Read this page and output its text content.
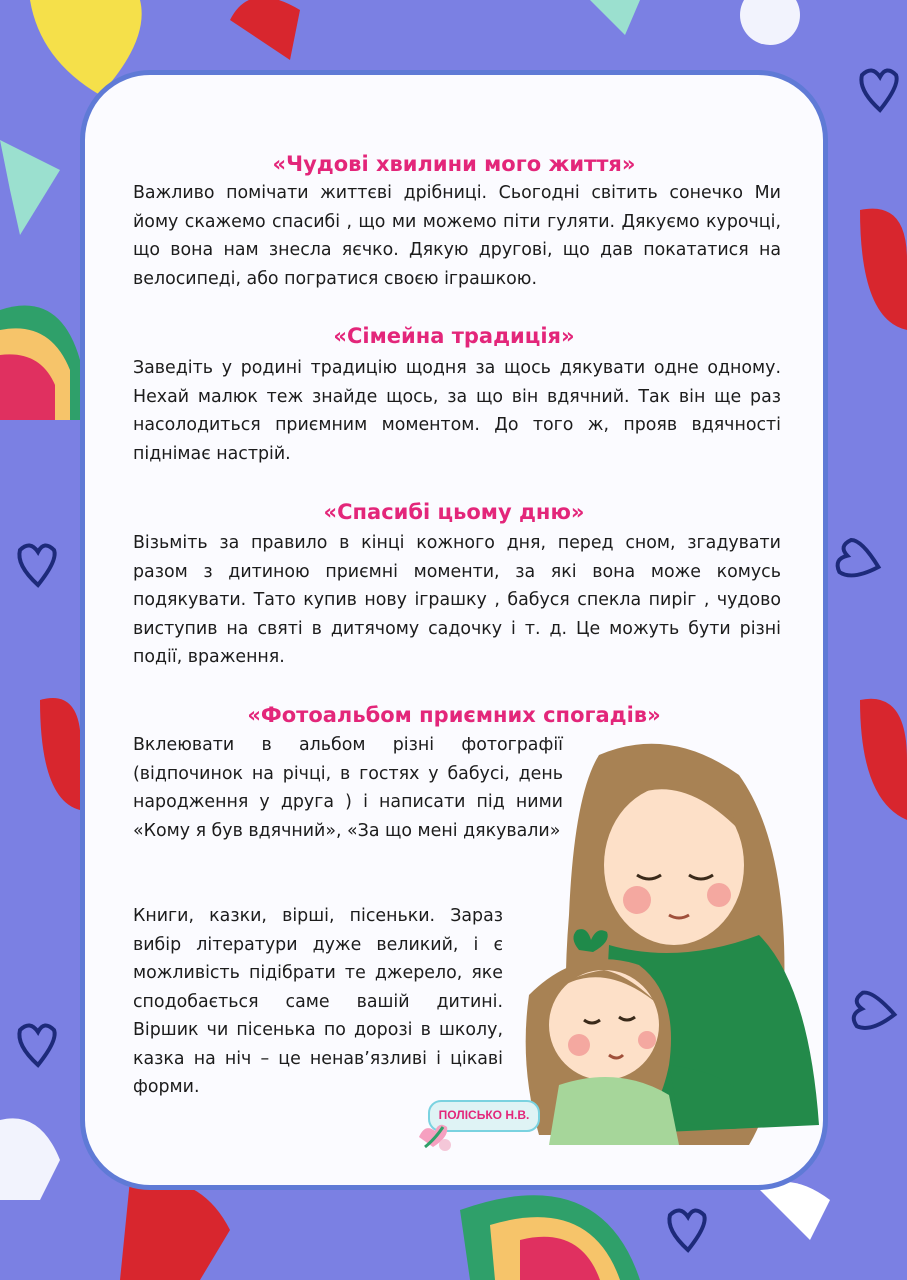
«Чудові хвилини мого життя»

Важливо помічати життєві дрібниці. Сьогодні світить сонечко Ми йому скажемо спасибі , що ми можемо піти гуляти. Дякуємо курочці, що вона нам знесла яєчко. Дякую другові, що дав покататися на велосипеді, або погратися своєю іграшкою.

«Сімейна традиція»

Заведіть у родині традицію щодня за щось дякувати одне одному. Нехай малюк теж знайде щось, за що він вдячний. Так він ще раз насолодиться приємним моментом. До того ж, прояв вдячності піднімає настрій.

«Спасибі цьому дню»

Візьміть за правило в кінці кожного дня, перед сном, згадувати разом з дитиною приємні моменти, за які вона може комусь подякувати. Тато купив нову іграшку , бабуся спекла пиріг , чудово виступив на святі в дитячому садочку і т. д. Це можуть бути різні події, враження.

«Фотоальбом приємних спогадів»

Вклеювати в альбом різні фотографії (відпочинок на річці, в гостях у бабусі, день народження у друга ) і написати під ними «Кому я був вдячний», «За що мені дякували»

Книги, казки, вірші, пісеньки. Зараз вибір літератури дуже великий, і є можливість підібрати те джерело, яке сподобається саме вашій дитині. Віршик чи пісенька по дорозі в школу, казка на ніч – це ненав’язливі і цікаві форми.

ПОЛІСЬКО Н.В.
